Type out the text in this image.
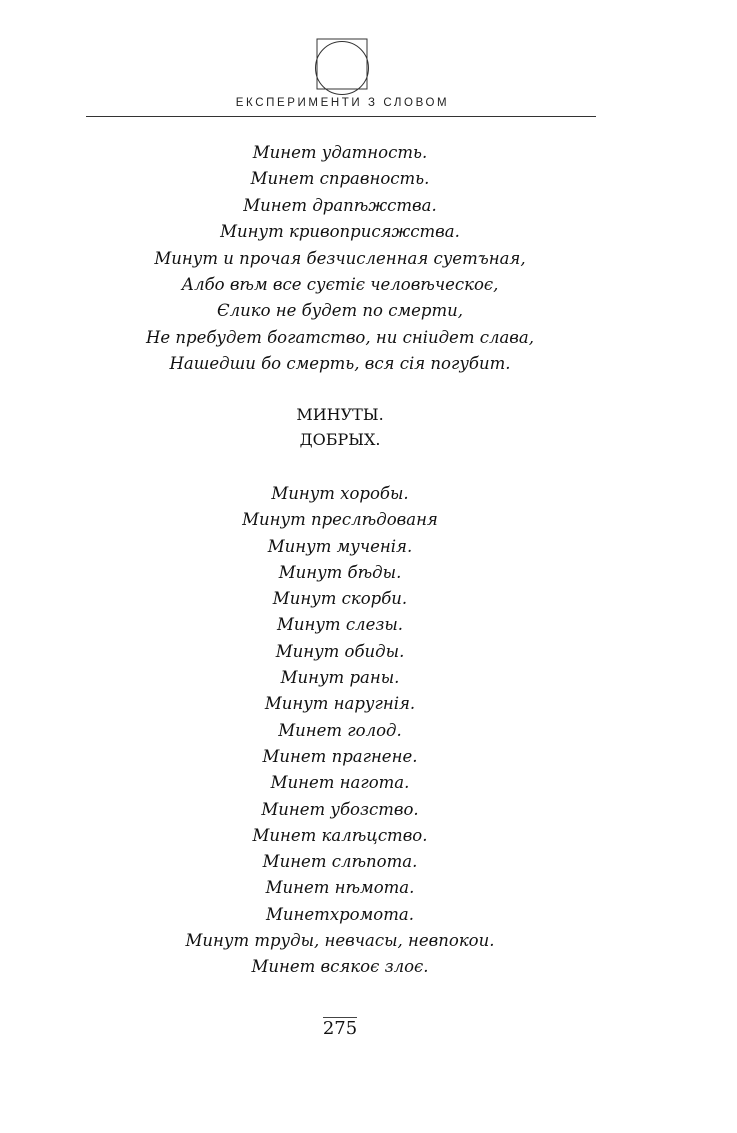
ЕКСПЕРИМЕНТИ З СЛОВОМ
Минет удатность.
Минет справность.
Минет драпѣжства.
Минут кривоприсяжства.
Минут и прочая безчисленная суетъная,
Албо вѣм все суєтіє человѣческоє,
Єлико не будет по смерти,
Не пребудет богатство, ни сніидет слава,
Нашедши бо смерть, вся сія погубит.
МИНУТЫ.
ДОБРЫХ.
Минут хоробы.
Минут преслѣдованя
Минут мученія.
Минут бѣды.
Минут скорби.
Минут слезы.
Минут обиды.
Минут раны.
Минут наругнія.
Минет голод.
Минет прагнене.
Минет нагота.
Минет убозство.
Минет калѣцство.
Минет слѣпота.
Минет нѣмота.
Минетхромота.
Минут труды, невчасы, невпокои.
Минет всякоє злоє.
275
